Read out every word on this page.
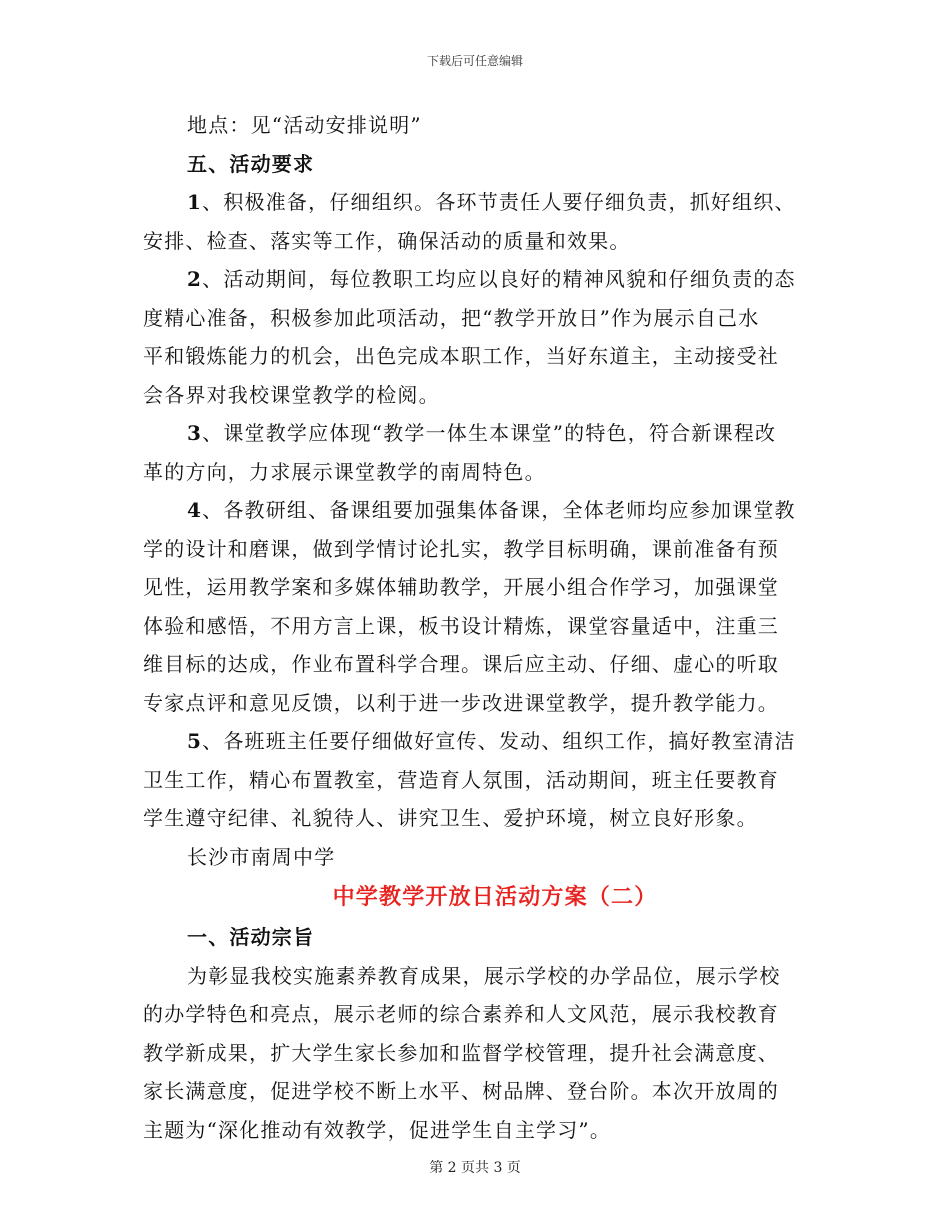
下载后可任意编辑
地点：见“活动安排说明”
五、活动要求
1、积极准备，仔细组织。各环节责任人要仔细负责，抓好组织、
安排、检查、落实等工作，确保活动的质量和效果。
2、活动期间，每位教职工均应以良好的精神风貌和仔细负责的态
度精心准备，积极参加此项活动，把“教学开放日”作为展示自己水
平和锻炼能力的机会，出色完成本职工作，当好东道主，主动接受社
会各界对我校课堂教学的检阅。
3、课堂教学应体现“教学一体生本课堂”的特色，符合新课程改
革的方向，力求展示课堂教学的南周特色。
4、各教研组、备课组要加强集体备课，全体老师均应参加课堂教
学的设计和磨课，做到学情讨论扎实，教学目标明确，课前准备有预
见性，运用教学案和多媒体辅助教学，开展小组合作学习，加强课堂
体验和感悟，不用方言上课，板书设计精炼，课堂容量适中，注重三
维目标的达成，作业布置科学合理。课后应主动、仔细、虚心的听取
专家点评和意见反馈，以利于进一步改进课堂教学，提升教学能力。
5、各班班主任要仔细做好宣传、发动、组织工作，搞好教室清洁
卫生工作，精心布置教室，营造育人氛围，活动期间，班主任要教育
学生遵守纪律、礼貌待人、讲究卫生、爱护环境，树立良好形象。
长沙市南周中学
中学教学开放日活动方案（二）
一、活动宗旨
为彰显我校实施素养教育成果，展示学校的办学品位，展示学校
的办学特色和亮点，展示老师的综合素养和人文风范，展示我校教育
教学新成果，扩大学生家长参加和监督学校管理，提升社会满意度、
家长满意度，促进学校不断上水平、树品牌、登台阶。本次开放周的
主题为“深化推动有效教学，促进学生自主学习”。
第 2 页共 3 页
